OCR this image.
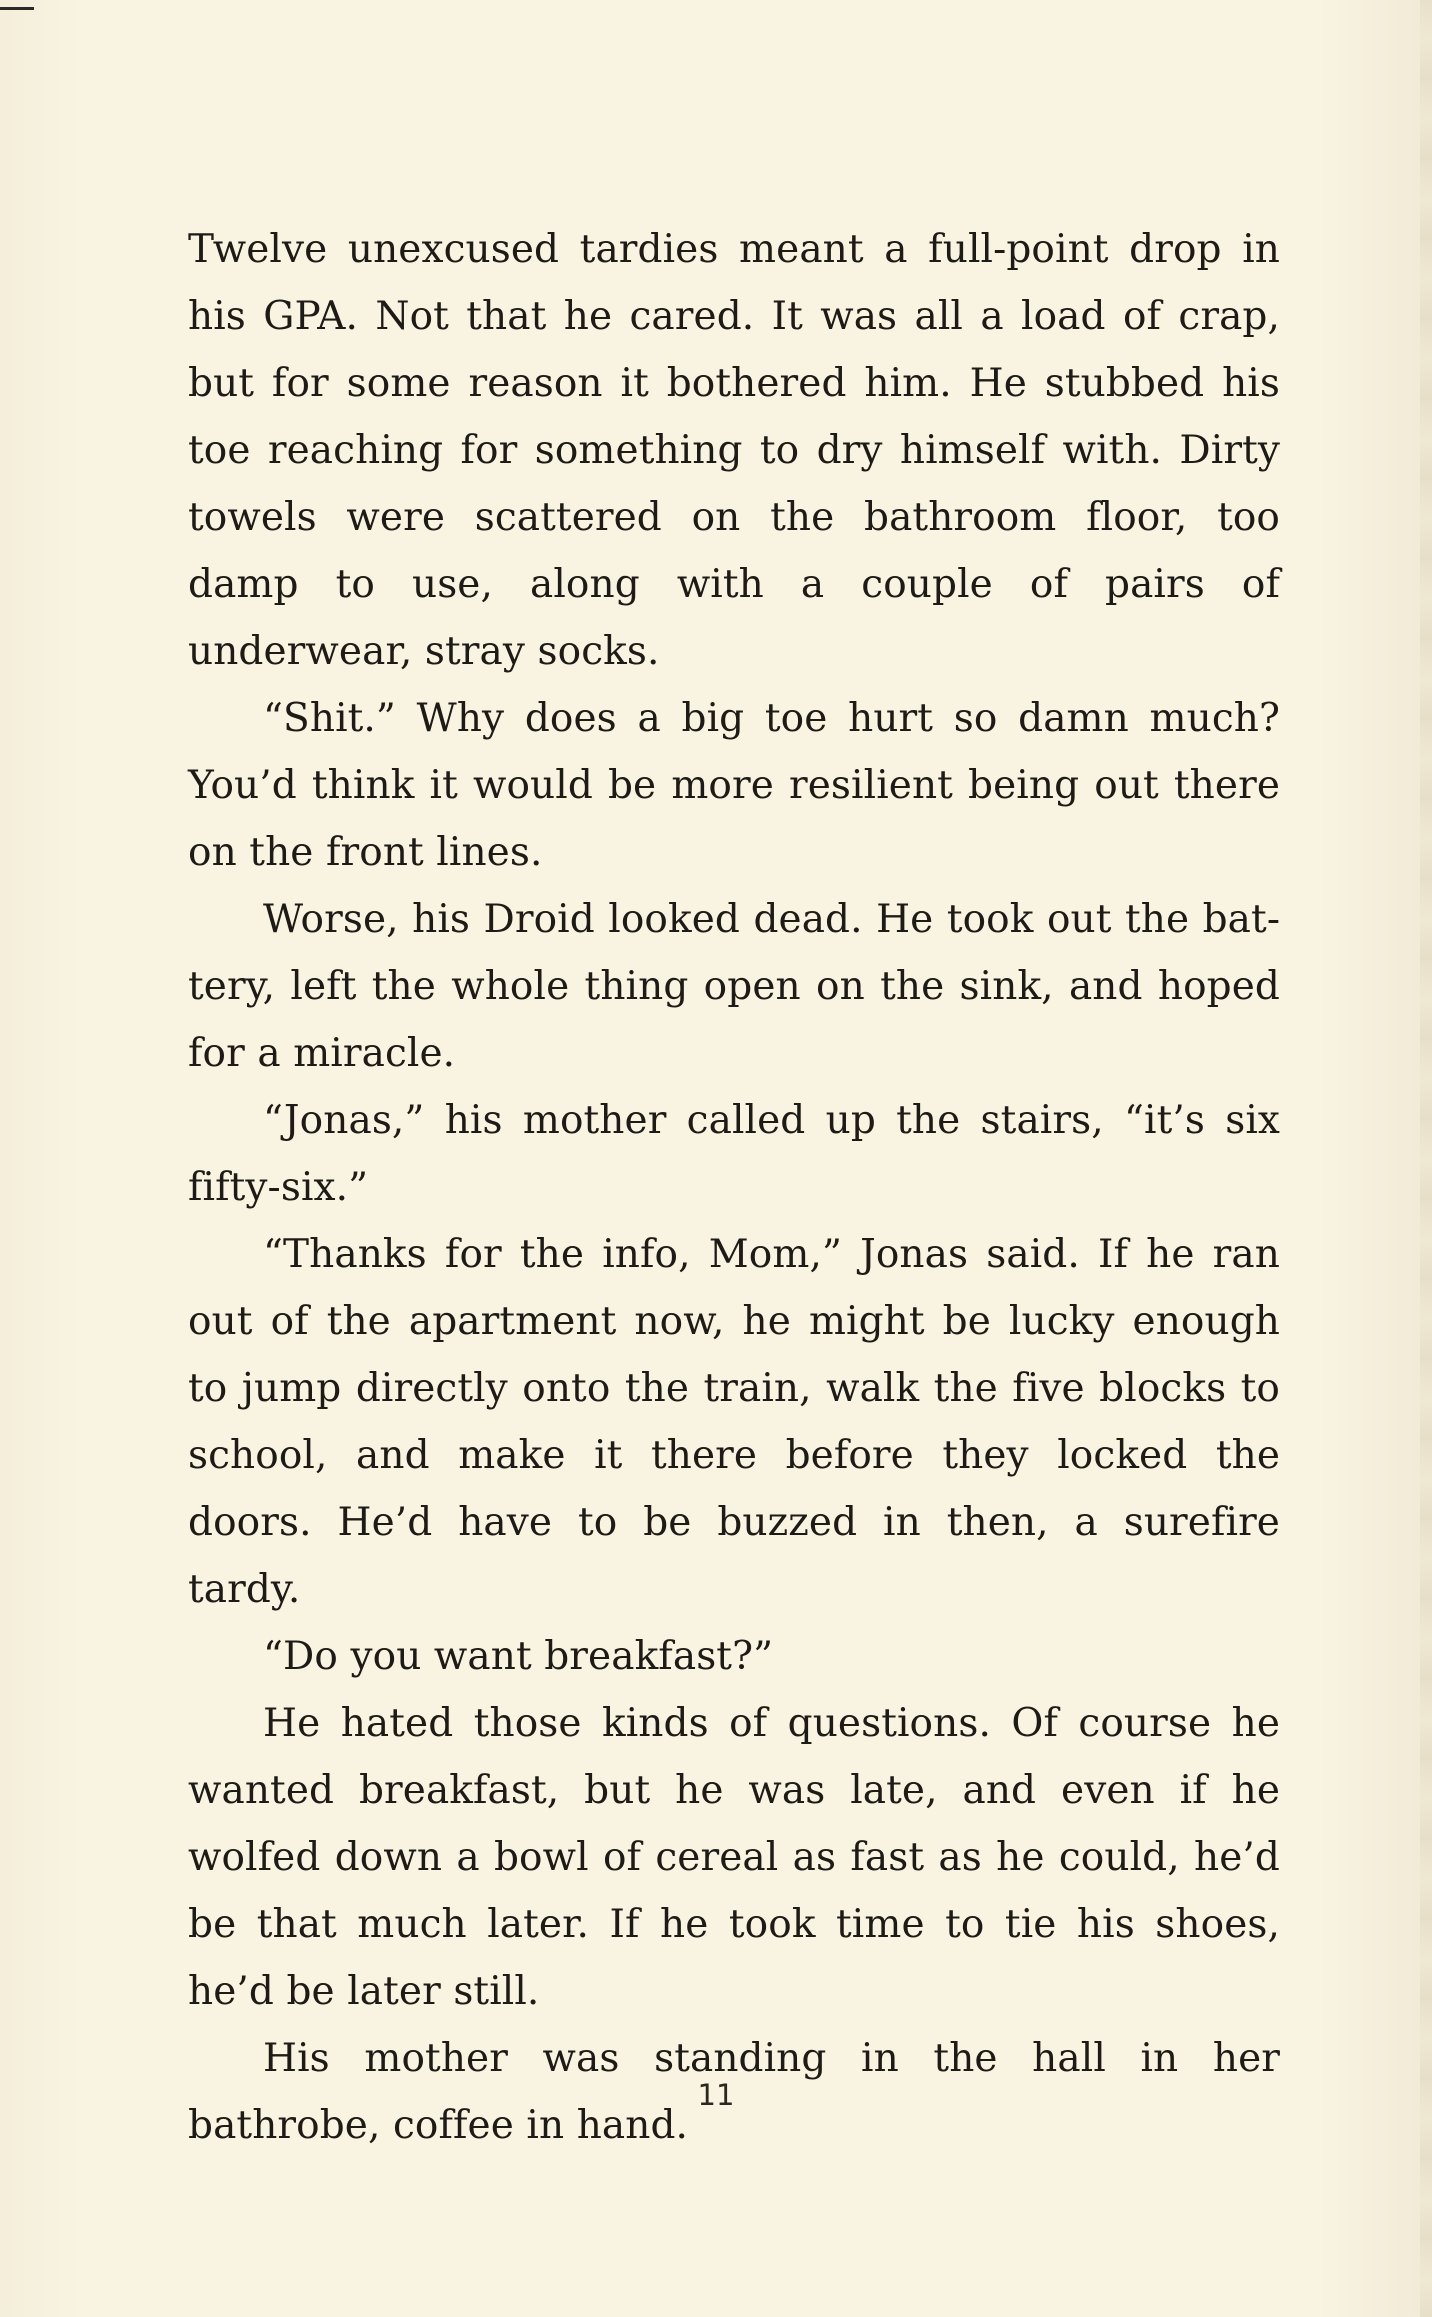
Twelve unexcused tardies meant a full-point drop in his GPA. Not that he cared. It was all a load of crap, but for some reason it bothered him. He stubbed his toe reaching for something to dry himself with. Dirty towels were scattered on the bathroom floor, too damp to use, along with a couple of pairs of underwear, stray socks.

“Shit.” Why does a big toe hurt so damn much? You’d think it would be more resilient being out there on the front lines.

Worse, his Droid looked dead. He took out the battery, left the whole thing open on the sink, and hoped for a miracle.

“Jonas,” his mother called up the stairs, “it’s six fifty-six.”

“Thanks for the info, Mom,” Jonas said. If he ran out of the apartment now, he might be lucky enough to jump directly onto the train, walk the five blocks to school, and make it there before they locked the doors. He’d have to be buzzed in then, a surefire tardy.

“Do you want breakfast?”

He hated those kinds of questions. Of course he wanted breakfast, but he was late, and even if he wolfed down a bowl of cereal as fast as he could, he’d be that much later. If he took time to tie his shoes, he’d be later still.

His mother was standing in the hall in her bathrobe, coffee in hand.

11
